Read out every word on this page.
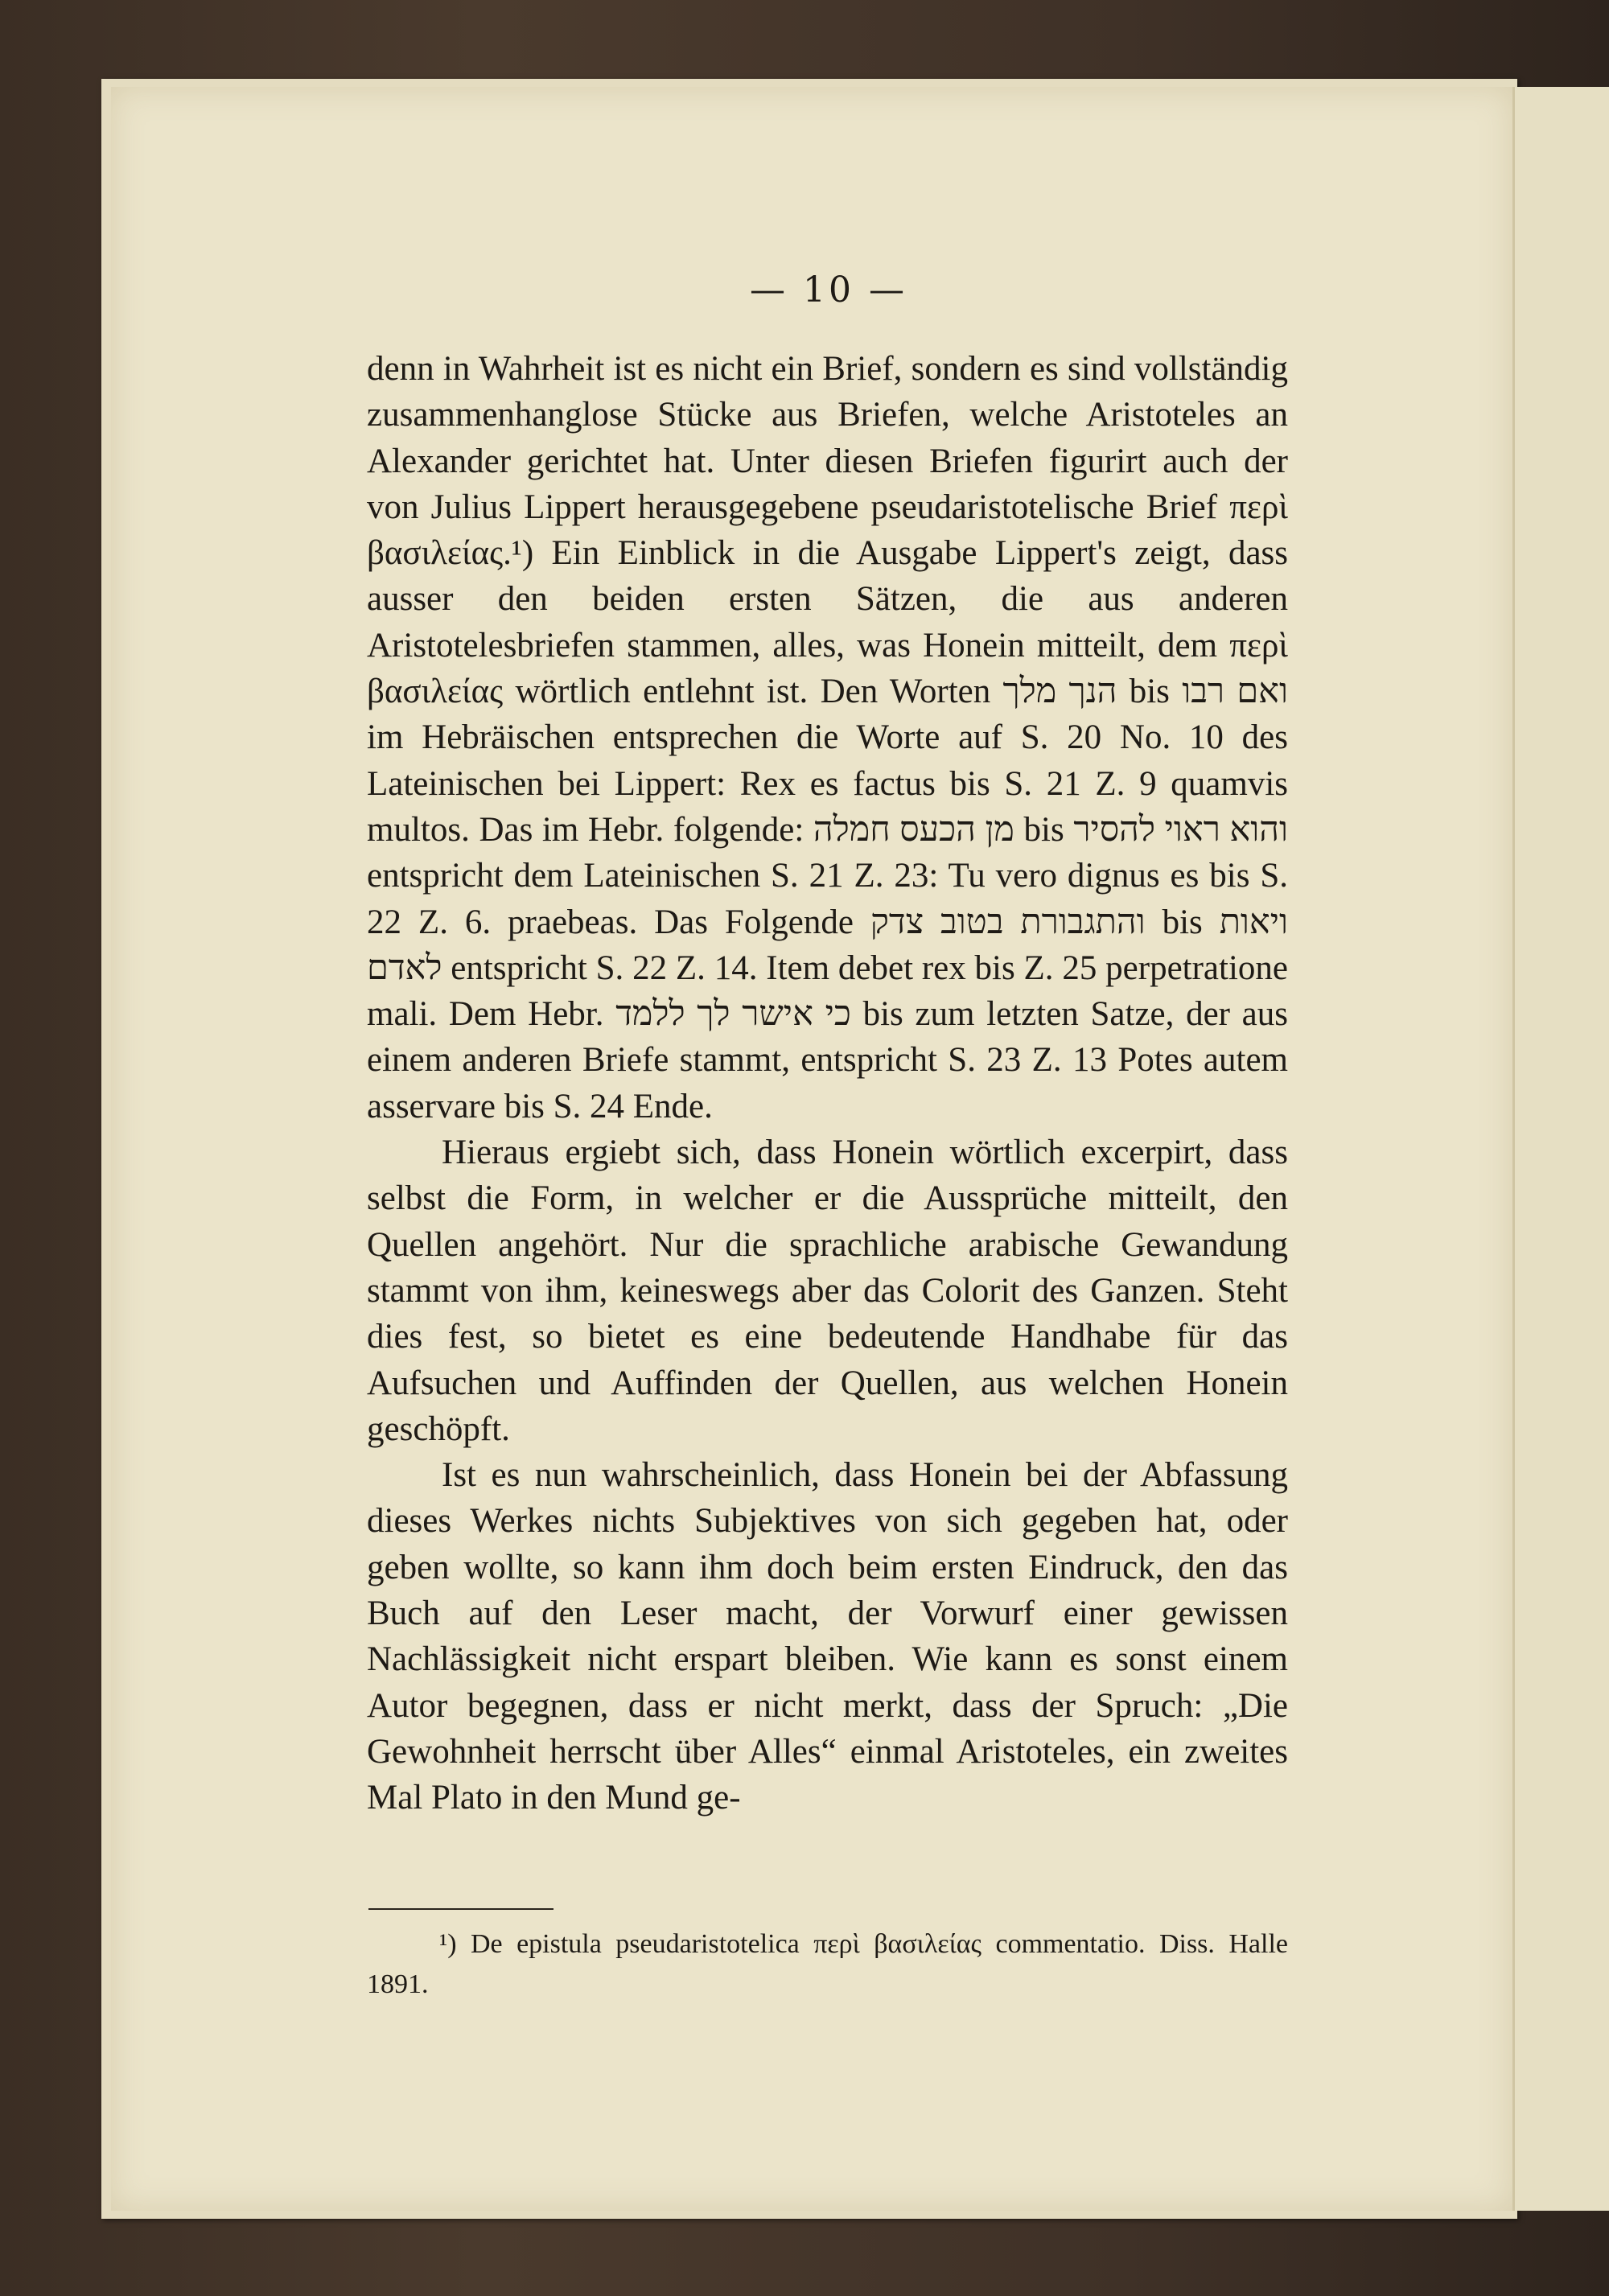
— 10 —

denn in Wahrheit ist es nicht ein Brief, sondern es sind vollständig zusammenhanglose Stücke aus Briefen, welche Aristoteles an Alexander gerichtet hat. Unter diesen Briefen figurirt auch der von Julius Lippert herausgegebene pseudaristotelische Brief περὶ βασιλείας.¹) Ein Einblick in die Ausgabe Lippert's zeigt, dass ausser den beiden ersten Sätzen, die aus anderen Aristotelesbriefen stammen, alles, was Honein mitteilt, dem περὶ βασιλείας wörtlich entlehnt ist. Den Worten הנך מלך bis ואם רבו im Hebräischen entsprechen die Worte auf S. 20 No. 10 des Lateinischen bei Lippert: Rex es factus bis S. 21 Z. 9 quamvis multos. Das im Hebr. folgende: מן הכעס חמלה bis והוא ראוי להסיר entspricht dem Lateinischen S. 21 Z. 23: Tu vero dignus es bis S. 22 Z. 6. praebeas. Das Folgende והתגבורת בטוב צדק bis ויאות לאדם entspricht S. 22 Z. 14. Item debet rex bis Z. 25 perpetratione mali. Dem Hebr. כי אישר לך ללמד bis zum letzten Satze, der aus einem anderen Briefe stammt, entspricht S. 23 Z. 13 Potes autem asservare bis S. 24 Ende.

Hieraus ergiebt sich, dass Honein wörtlich excerpirt, dass selbst die Form, in welcher er die Aussprüche mitteilt, den Quellen angehört. Nur die sprachliche arabische Gewandung stammt von ihm, keineswegs aber das Colorit des Ganzen. Steht dies fest, so bietet es eine bedeutende Handhabe für das Aufsuchen und Auffinden der Quellen, aus welchen Honein geschöpft.

Ist es nun wahrscheinlich, dass Honein bei der Abfassung dieses Werkes nichts Subjektives von sich gegeben hat, oder geben wollte, so kann ihm doch beim ersten Eindruck, den das Buch auf den Leser macht, der Vorwurf einer gewissen Nachlässigkeit nicht erspart bleiben. Wie kann es sonst einem Autor begegnen, dass er nicht merkt, dass der Spruch: „Die Gewohnheit herrscht über Alles“ einmal Aristoteles, ein zweites Mal Plato in den Mund ge-

¹) De epistula pseudaristotelica περὶ βασιλείας commentatio. Diss. Halle 1891.
